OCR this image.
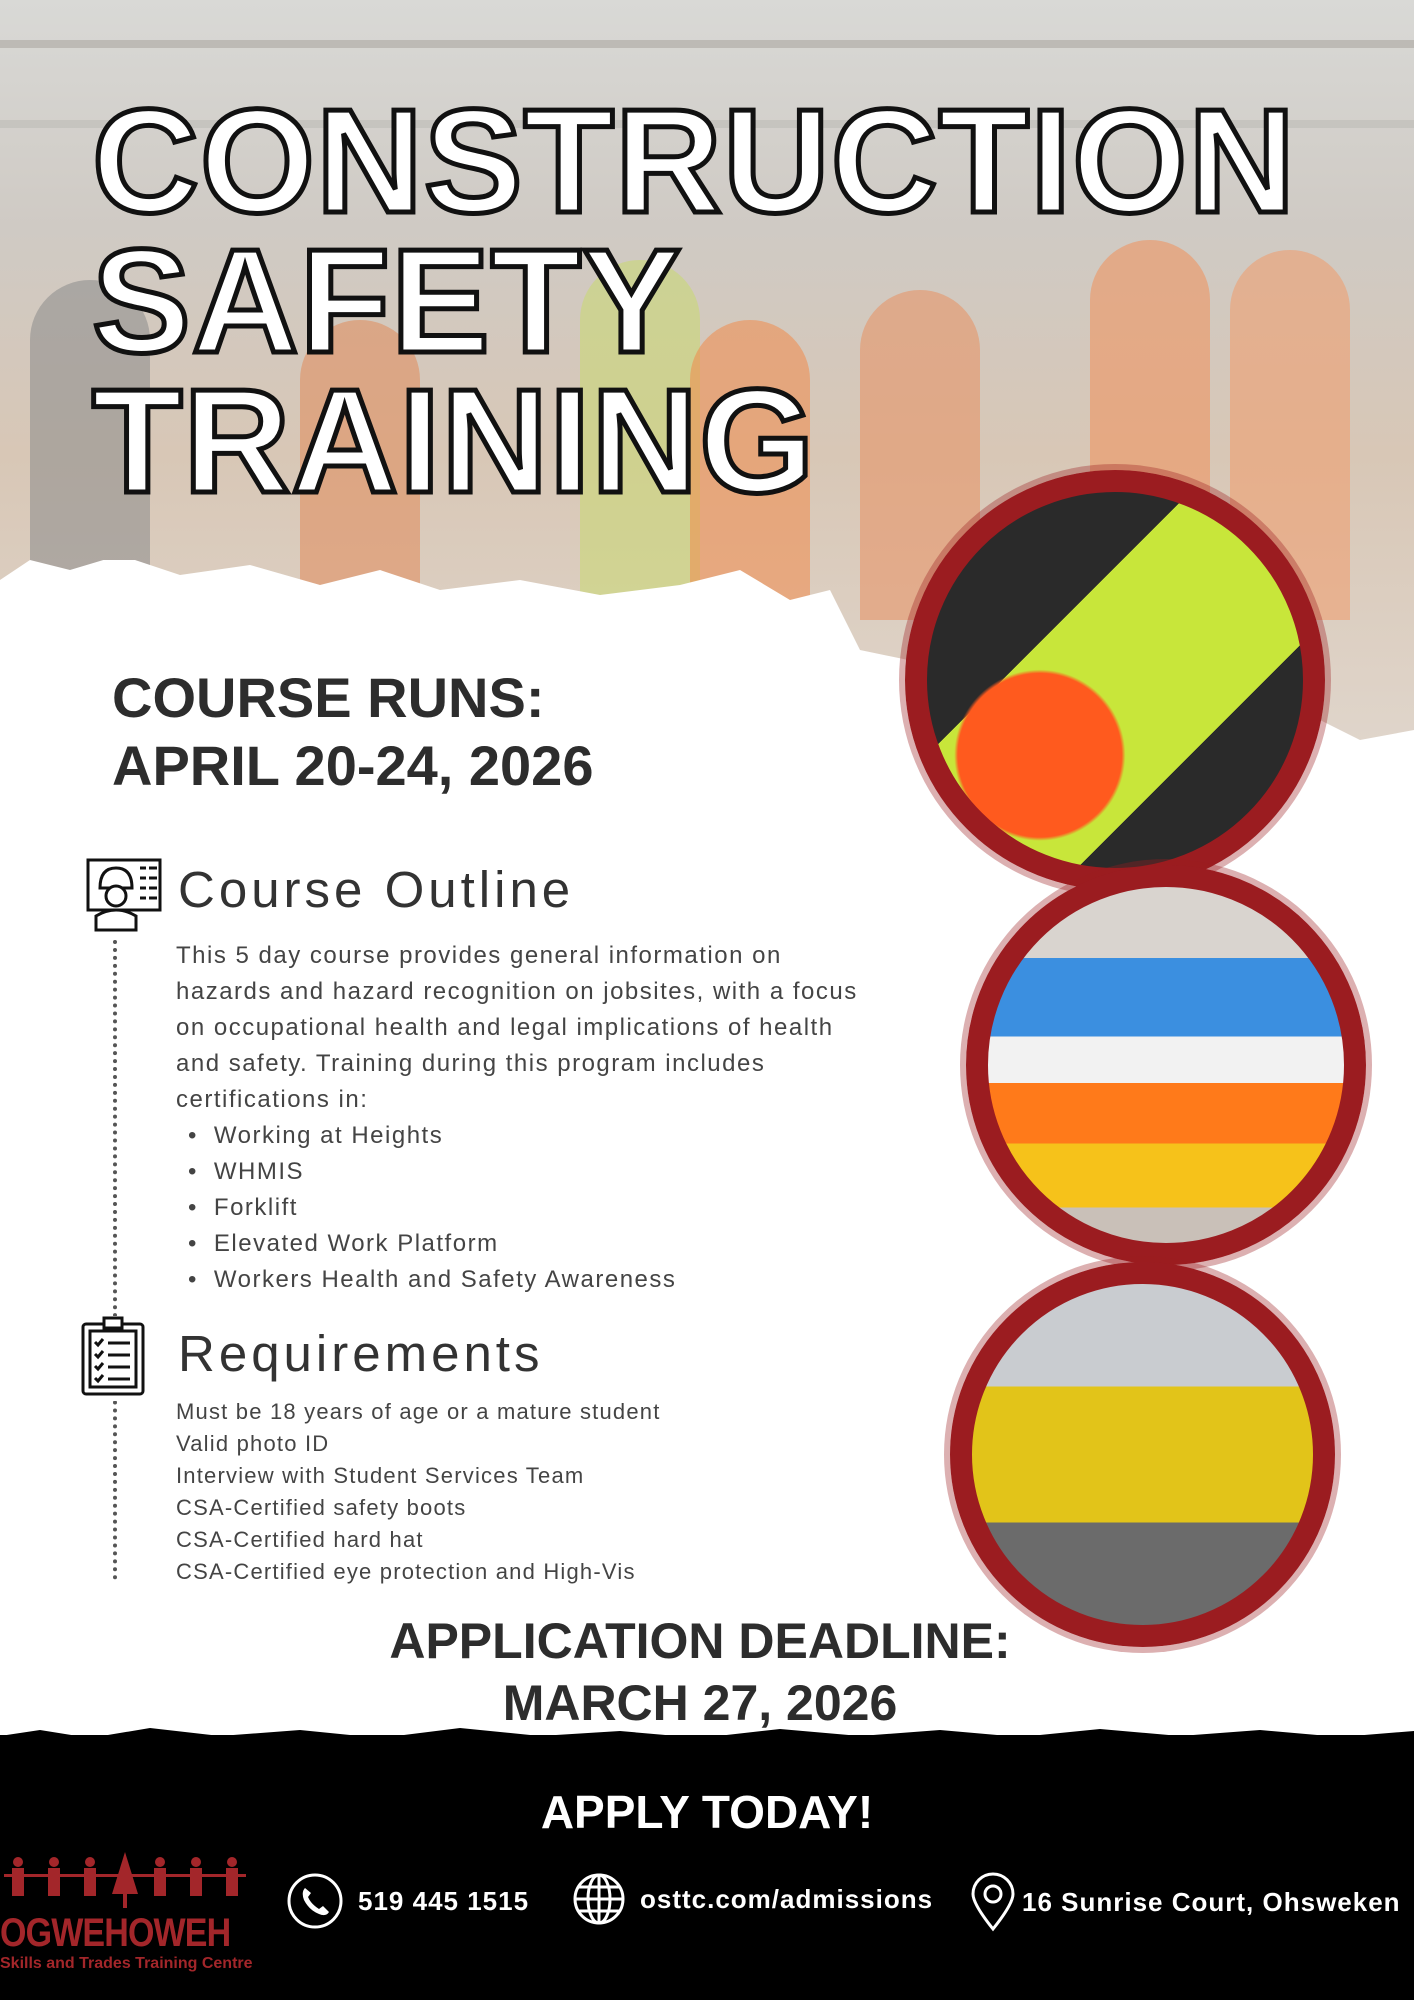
CONSTRUCTION
SAFETY
TRAINING
COURSE RUNS:
APRIL 20-24, 2026
Course Outline

This 5 day course provides general information on hazards and hazard recognition on jobsites, with a focus on occupational health and legal implications of health and safety. Training during this program includes certifications in:

• Working at Heights
• WHMIS
• Forklift
• Elevated Work Platform
• Workers Health and Safety Awareness
Requirements
Must be 18 years of age or a mature student
Valid photo ID
Interview with Student Services Team
CSA-Certified safety boots
CSA-Certified hard hat
CSA-Certified eye protection and High-Vis
APPLICATION DEADLINE:
MARCH 27, 2026
APPLY TODAY!
OGWEHOWEH
Skills and Trades Training Centre
519 445 1515	osttc.com/admissions	16 Sunrise Court, Ohsweken
